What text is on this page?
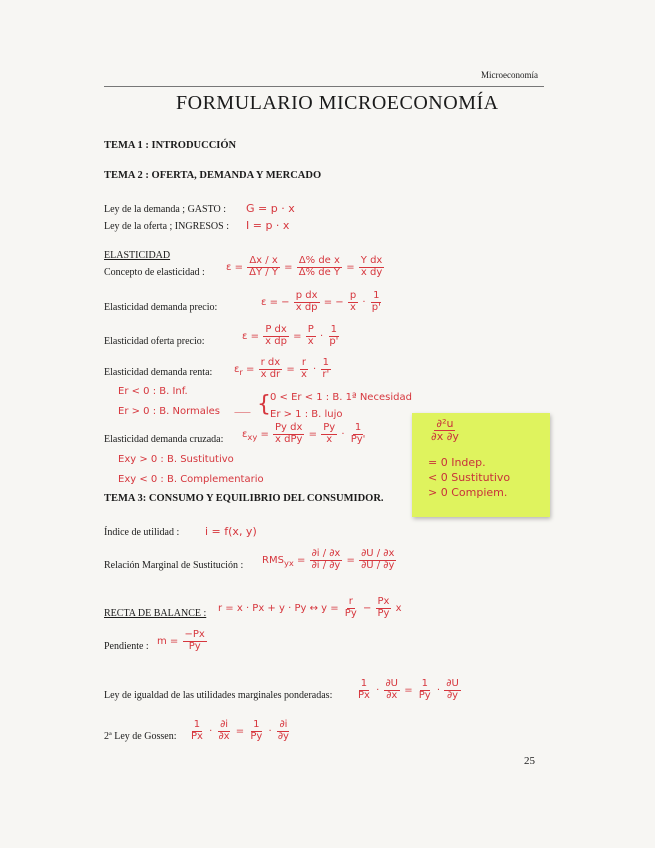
Microeconomía
FORMULARIO MICROECONOMÍA
TEMA 1 : INTRODUCCIÓN
TEMA 2 : OFERTA, DEMANDA Y MERCADO
Ley de la demanda ; GASTO : G = p · x
Ley de la oferta ; INGRESOS : I = p · x
ELASTICIDAD
Concepto de elasticidad : $\varepsilon = \frac{\Delta x / x}{\Delta Y / Y} = \frac{\text{Δ\% de x}}{\text{Δ\% de Y}} = \frac{\text{Y dx}}{\text{x dy}}$
Elasticidad demanda precio:	ε = − $\frac{\text{p dx}}{\text{x dp}}$ = − $\frac{p}{x} \cdot \frac{1}{p'}$
Elasticidad oferta precio:	$\varepsilon = \frac{\text{P dx}}{\text{x dp}} = \frac{P}{x} \cdot \frac{1}{p'}$
Elasticidad demanda renta: $\varepsilon_r = \frac{\text{r dx}}{\text{x dr}} = \frac{r}{x} \cdot \frac{1}{r'}$
Er < 0 : B. Inf.
Er > 0 : B. Normales ⸺ { 0 < Er < 1 : B. 1ª Necesidad
Er > 1 : B. lujo
Elasticidad demanda cruzada: $\varepsilon_{xy} = \frac{\text{Py dx}}{\text{x dPy}} = \frac{Py}{x} \cdot \frac{1}{Py'}$
Exy > 0 : B. Sustitutivo
Exy < 0 : B. Complementario
$\frac{\text{∂²u}}{\partial x \partial y}$
= 0 Indep.
< 0 Sustitutivo
> 0 Compiem.
TEMA 3: CONSUMO Y EQUILIBRIO DEL CONSUMIDOR.
Índice de utilidad : i = f(x, y)
Relación Marginal de Sustitución : $RMS_{yx} = \frac{\partial i / \partial x}{\partial i / \partial y} = \frac{\partial U / \partial x}{\partial U / \partial y}$
RECTA DE BALANCE : r = x · Px + y · Py ↔ $y = \frac{r}{Py} - \frac{Px}{Py}$ x
Pendiente : $m = \frac{-Px}{Py}$
Ley de igualdad de las utilidades marginales ponderadas: $\frac{1}{Px} \cdot \frac{\partial U}{\partial x} = \frac{1}{Py} \cdot \frac{\partial U}{\partial y}$
2ª Ley de Gossen: $\frac{1}{Px} \cdot \frac{\partial i}{\partial x} = \frac{1}{Py} \cdot \frac{\partial i}{\partial y}$
25
